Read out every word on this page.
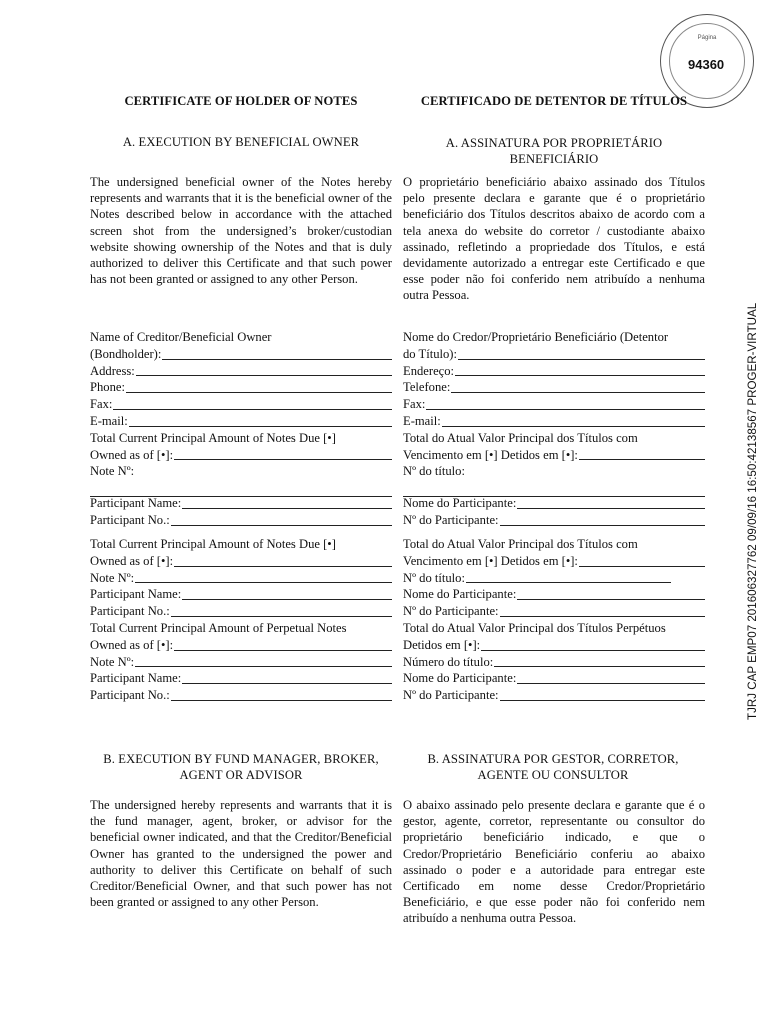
Página
94360
TJRJ CAP EMP07 201606327762 09/09/16 16:50:42138567 PROGER-VIRTUAL
CERTIFICATE OF HOLDER OF NOTES	CERTIFICADO DE DETENTOR DE TÍTULOS
A. EXECUTION BY BENEFICIAL OWNER	A. ASSINATURA POR PROPRIETÁRIO
BENEFICIÁRIO

The undersigned beneficial owner of the Notes hereby represents and warrants that it is the beneficial owner of the Notes described below in accordance with the attached screen shot from the undersigned’s broker/custodian website showing ownership of the Notes and that is duly authorized to deliver this Certificate and that such power has not been granted or assigned to any other Person.

O proprietário beneficiário abaixo assinado dos Títulos pelo presente declara e garante que é o proprietário beneficiário dos Títulos descritos abaixo de acordo com a tela anexa do website do corretor / custodiante abaixo assinado, refletindo a propriedade dos Títulos, e está devidamente autorizado a entregar este Certificado e que esse poder não foi conferido nem atribuído a nenhuma outra Pessoa.

Name of Creditor/Beneficial Owner
(Bondholder):
Address:
Phone:
Fax:
E-mail:
Total Current Principal Amount of Notes Due [•]
Owned as of [•]:
Note Nº:
Nome do Credor/Proprietário Beneficiário (Detentor
do Título):
Endereço:
Telefone:
Fax:
E-mail:
Total do Atual Valor Principal dos Títulos com
Vencimento em [•] Detidos em [•]:
Nº do título:
Participant Name:
Participant No.:
Nome do Participante:
Nº do Participante:
Total Current Principal Amount of Notes Due [•]
Owned as of [•]:
Note Nº:
Participant Name:
Participant No.:
Total Current Principal Amount of Perpetual Notes
Owned as of [•]:
Note Nº:
Participant Name:
Participant No.:
Total do Atual Valor Principal dos Títulos com
Vencimento em [•] Detidos em [•]:
Nº do título:
Nome do Participante:
Nº do Participante:
Total do Atual Valor Principal dos Títulos Perpétuos
Detidos em [•]:
Número do título:
Nome do Participante:
Nº do Participante:
B. EXECUTION BY FUND MANAGER, BROKER,
AGENT OR ADVISOR
B. ASSINATURA POR GESTOR, CORRETOR,
AGENTE OU CONSULTOR

The undersigned hereby represents and warrants that it is the fund manager, agent, broker, or advisor for the beneficial owner indicated, and that the Creditor/Beneficial Owner has granted to the undersigned the power and authority to deliver this Certificate on behalf of such Creditor/Beneficial Owner, and that such power has not been granted or assigned to any other Person.

O abaixo assinado pelo presente declara e garante que é o gestor, agente, corretor, representante ou consultor do proprietário beneficiário indicado, e que o Credor/Proprietário Beneficiário conferiu ao abaixo assinado o poder e a autoridade para entregar este Certificado em nome desse Credor/Proprietário Beneficiário, e que esse poder não foi conferido nem atribuído a nenhuma outra Pessoa.
